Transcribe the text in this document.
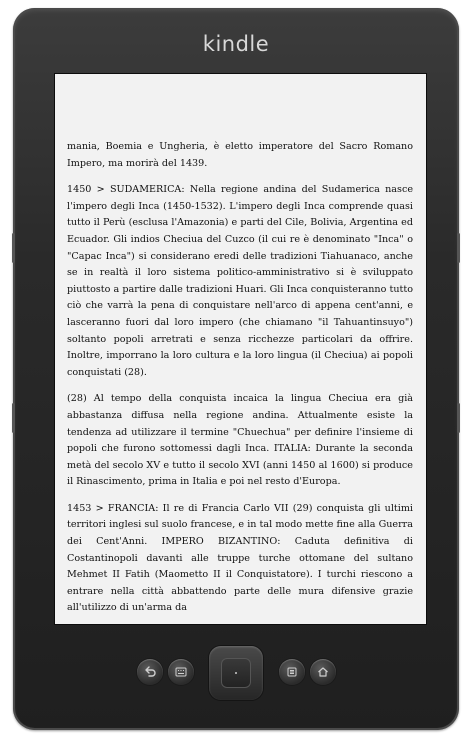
kindle

mania, Boemia e Ungheria, è eletto imperatore del Sacro Romano Impero, ma morirà del 1439.

1450 > SUDAMERICA: Nella regione andina del Sudamerica nasce l'impero degli Inca (1450-1532). L'impero degli Inca comprende quasi tutto il Perù (esclusa l'Amazonia) e parti del Cile, Bolivia, Argentina ed Ecuador. Gli indios Checiua del Cuzco (il cui re è denominato "Inca" o "Capac Inca") si considerano eredi delle tradizioni Tiahuanaco, anche se in realtà il loro sistema politico-amministrativo si è sviluppato piuttosto a partire dalle tradizioni Huari. Gli Inca conquisteranno tutto ciò che varrà la pena di conquistare nell'arco di appena cent'anni, e lasceranno fuori dal loro impero (che chiamano "il Tahuantinsuyo") soltanto popoli arretrati e senza ricchezze particolari da offrire. Inoltre, imporrano la loro cultura e la loro lingua (il Checiua) ai popoli conquistati (28).

(28) Al tempo della conquista incaica la lingua Checiua era già abbastanza diffusa nella regione andina. Attualmente esiste la tendenza ad utilizzare il termine "Chuechua" per definire l'insieme di popoli che furono sottomessi dagli Inca. ITALIA: Durante la seconda metà del secolo XV e tutto il secolo XVI (anni 1450 al 1600) si produce il Rinascimento, prima in Italia e poi nel resto d'Europa.

1453 > FRANCIA: Il re di Francia Carlo VII (29) conquista gli ultimi territori inglesi sul suolo francese, e in tal modo mette fine alla Guerra dei Cent'Anni. IMPERO BIZANTINO: Caduta definitiva di Costantinopoli davanti alle truppe turche ottomane del sultano Mehmet II Fatih (Maometto II il Conquistatore). I turchi riescono a entrare nella città abbattendo parte delle mura difensive grazie all'utilizzo di un'arma da
